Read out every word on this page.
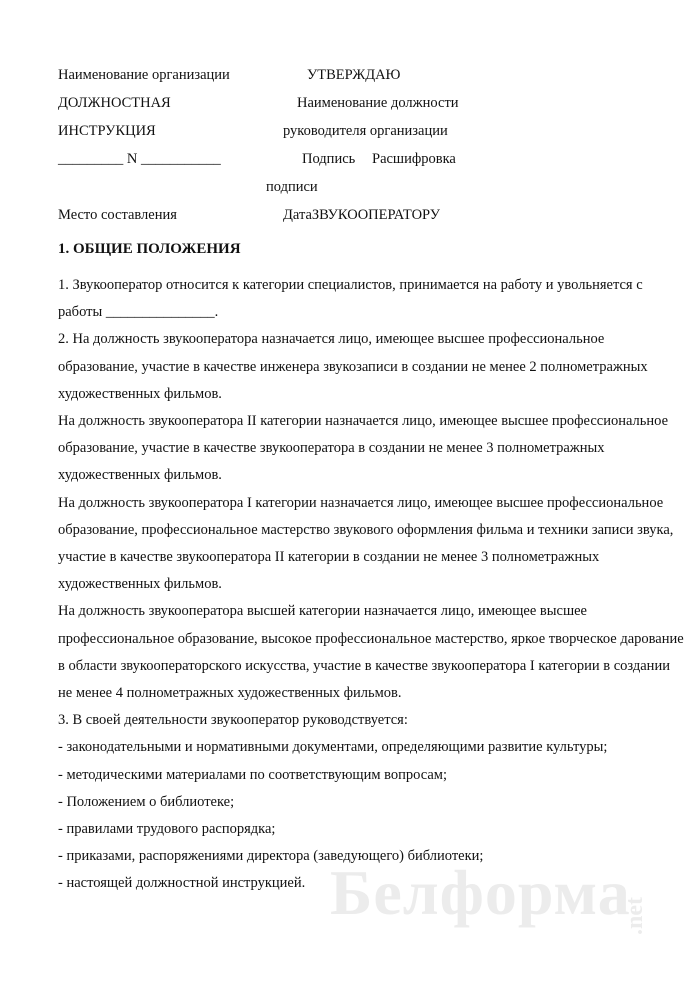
Наименование организации	УТВЕРЖДАЮ
ДОЛЖНОСТНАЯ	Наименование должности
ИНСТРУКЦИЯ	руководителя организации
_________ N ___________	Подпись Расшифровка
подписи
Место составления	ДатаЗВУКООПЕРАТОРУ
1. ОБЩИЕ ПОЛОЖЕНИЯ
1. Звукооператор относится к категории специалистов, принимается на работу и увольняется с
работы _______________.
2. На должность звукооператора назначается лицо, имеющее высшее профессиональное
образование, участие в качестве инженера звукозаписи в создании не менее 2 полнометражных
художественных фильмов.
На должность звукооператора II категории назначается лицо, имеющее высшее профессиональное
образование, участие в качестве звукооператора в создании не менее 3 полнометражных
художественных фильмов.
На должность звукооператора I категории назначается лицо, имеющее высшее профессиональное
образование, профессиональное мастерство звукового оформления фильма и техники записи звука,
участие в качестве звукооператора II категории в создании не менее 3 полнометражных
художественных фильмов.
На должность звукооператора высшей категории назначается лицо, имеющее высшее
профессиональное образование, высокое профессиональное мастерство, яркое творческое дарование
в области звукооператорского искусства, участие в качестве звукооператора I категории в создании
не менее 4 полнометражных художественных фильмов.
3. В своей деятельности звукооператор руководствуется:
- законодательными и нормативными документами, определяющими развитие культуры;
- методическими материалами по соответствующим вопросам;
- Положением о библиотеке;
- правилами трудового распорядка;
- приказами, распоряжениями директора (заведующего) библиотеки;
- настоящей должностной инструкцией. Белформа
.net
